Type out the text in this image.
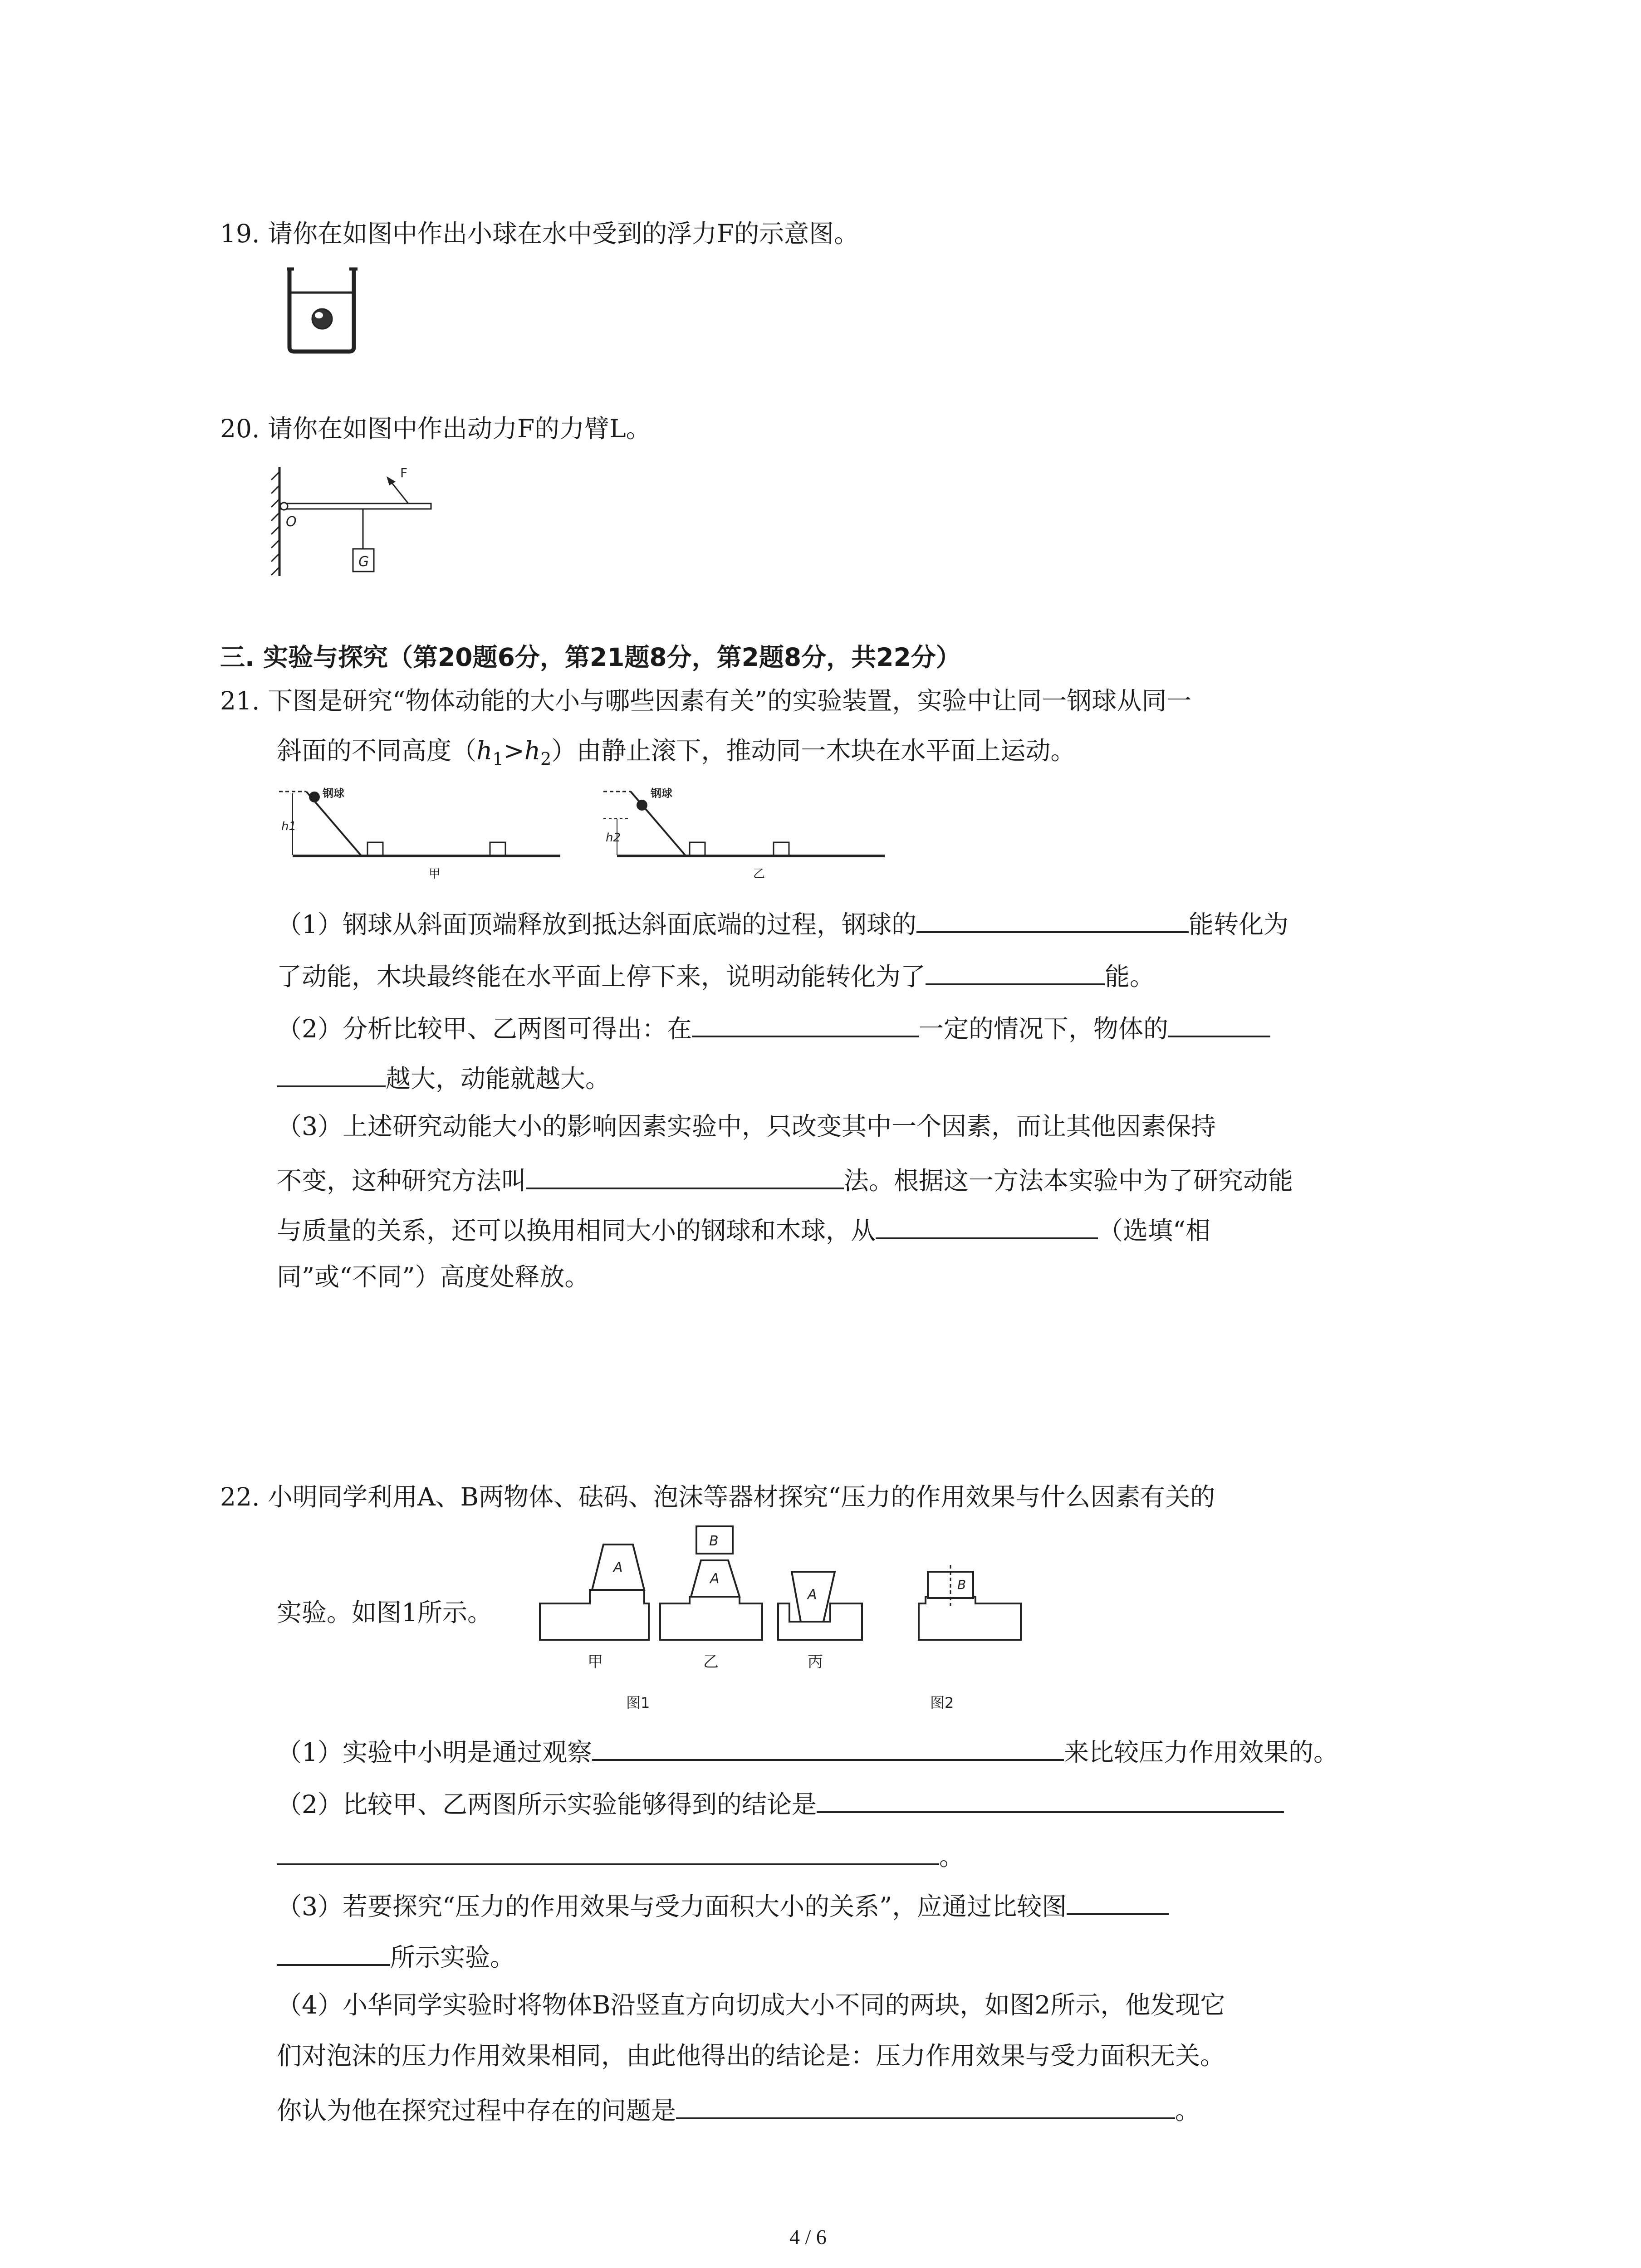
19. 请你在如图中作出小球在水中受到的浮力F的示意图。
20. 请你在如图中作出动力F的力臂L。
F
O
G
三. 实验与探究（第20题6分，第21题8分，第2题8分，共22分）
21. 下图是研究“物体动能的大小与哪些因素有关”的实验装置，实验中让同一钢球从同一
斜面的不同高度$(h_1>h_2)$由静止滚下，推动同一木块在水平面上运动。
h1
钢球
甲
h2
钢球
乙
（1）钢球从斜面顶端释放到抵达斜面底端的过程，钢球的	能转化为
了动能，木块最终能在水平面上停下来，说明动能转化为了	能。
（2）分析比较甲、乙两图可得出：在	一定的情况下，物体的
越大，动能就越大。
（3）上述研究动能大小的影响因素实验中，只改变其中一个因素，而让其他因素保持
不变，这种研究方法叫	法。根据这一方法本实验中为了研究动能
与质量的关系，还可以换用相同大小的钢球和木球，从	（选填“相
同”或“不同”）高度处释放。
22. 小明同学利用A、B两物体、砝码、泡沫等器材探究“压力的作用效果与什么因素有关的
实验。如图1所示。
A
甲
B
A
乙
A
丙
B
图1	图2
（1）实验中小明是通过观察	来比较压力作用效果的。
（2）比较甲、乙两图所示实验能够得到的结论是
。
（3）若要探究“压力的作用效果与受力面积大小的关系”，应通过比较图
所示实验。
（4）小华同学实验时将物体B沿竖直方向切成大小不同的两块，如图2所示，他发现它
们对泡沫的压力作用效果相同，由此他得出的结论是：压力作用效果与受力面积无关。
你认为他在探究过程中存在的问题是	。
4 / 6
